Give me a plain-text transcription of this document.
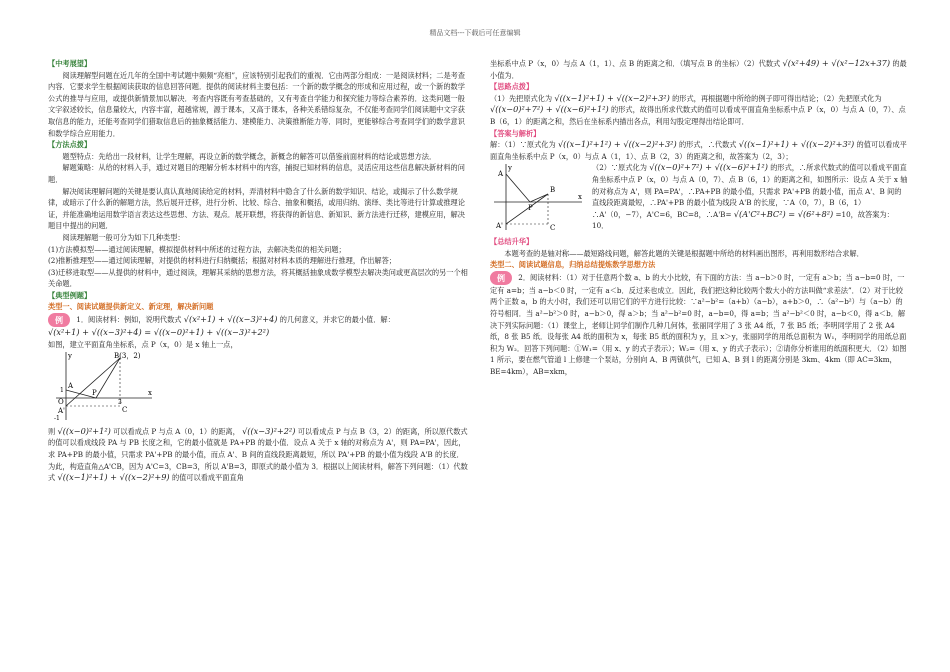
精品文档---下载后可任意编辑

【中考展望】

阅读理解型问题在近几年的全国中考试题中频频“亮相”，应该特别引起我们的重视．它由两部分组成：一是阅读材料；二是考查内容．它要求学生根据阅读获取的信息回答问题．提供的阅读材料主要包括：一个新的数学概念的形成和应用过程，或一个新的数学公式的推导与应用，或提供新情景加以解决．考查内容既有考查基础的，又有考查自学能力和探究能力等综合素养的．这类问题一般文字叙述较长，信息量较大，内容丰富，超越常规，源于课本，又高于课本，各种关系错综复杂，不仅能考查同学们阅读题中文字获取信息的能力，还能考查同学们猎取信息后的抽象概括能力、建模能力、决策推断能力等．同时，更能够综合考查同学们的数学意识和数学综合应用能力．

【方法点拨】

题型特点：先给出一段材料，让学生理解，再设立新的数学概念，新概念的解答可以借鉴前面材料的结论或思想方法．

解题策略：从给的材料入手，通过对题目的理解分析本材料中的内容，捕捉已知材料的信息，灵活应用这些信息解决新材料的问题．

解决阅读理解问题的关键是要认真认真地阅读给定的材料，弄清材料中隐含了什么新的数学知识、结论，或揭示了什么数学规律，或暗示了什么新的解题方法，然后展开迁移，进行分析、比较、综合、抽象和概括，或用归纳、演绎、类比等进行计算或推理论证，并能准确地运用数学语言表达这些思想、方法、观点．展开联想，将获得的新信息、新知识、新方法进行迁移，建模应用，解决题目中提出的问题．

阅读理解题一般可分为如下几种类型：

(1)方法模拟型——通过阅读理解，模拟提供材料中所述的过程方法，去解决类似的相关问题；

(2)推断推理型——通过阅读理解，对提供的材料进行归纳概括；根据对材料本质的理解进行推理，作出解答；

(3)迁移进取型——从提供的材料中，通过阅读，理解其采纳的思想方法，将其概括抽象成数学模型去解决类问或更高层次的另一个相关命题．

【典型例题】

类型一、阅读试题提供新定义、新定理，解决新问题

例 1．阅读材料：例如，说明代数式 √(x²+1) + √((x−3)²+4) 的几何意义，并求它的最小值．解：

√(x²+1) + √((x−3)²+4) = √((x−0)²+1) + √((x−3)²+2²)

如图，建立平面直角坐标系，点 P（x，0）是 x 轴上一点，

y
x
O
A
B(3，2)
P
C
A'
1
3
-1

则 √((x−0)²+1²) 可以看成点 P 与点 A（0，1）的距离， √((x−3)²+2²) 可以看成点 P 与点 B（3，2）的距离，所以原代数式的值可以看成线段 PA 与 PB 长度之和，它的最小值就是 PA+PB 的最小值．设点 A 关于 x 轴的对称点为 A'，则 PA=PA'，因此，求 PA+PB 的最小值，只需求 PA'+PB 的最小值，而点 A'、B 间的直线段距离最短，所以 PA'+PB 的最小值为线段 A'B 的长度．为此，构造直角△A'CB，因为 A'C=3，CB=3，所以 A'B=3，即原式的最小值为 3．根据以上阅读材料，解答下列问题：（1）代数式 √((x−1)²+1) + √((x−2)²+9) 的值可以看成平面直角

坐标系中点 P（x，0）与点 A（1，1）、点 B 的距离之和．（填写点 B 的坐标）（2）代数式 √(x²+49) + √(x²−12x+37) 的最小值为．

【思路点拨】

（1）先把原式化为 √((x−1)²+1) + √((x−2)²+3²) 的形式，再根据题中所给的例子即可得出结论；（2）先把原式化为 √((x−0)²+7²) + √((x−6)²+1²) 的形式，故得出所求代数式的值可以看成平面直角坐标系中点 P（x，0）与点 A（0，7）、点 B（6，1）的距离之和，然后在坐标系内描出各点，利用勾股定理得出结论即可．

【答案与解析】

解：（1）∵原式化为 √((x−1)²+1²) + √((x−2)²+3²) 的形式，∴代数式 √((x−1)²+1) + √((x−2)²+3²) 的值可以看成平面直角坐标系中点 P（x，0）与点 A（1，1）、点 B（2，3）的距离之和，故答案为（2，3）；

y
x
A
B
P
C
A'

（2）∵原式化为 √((x−0)²+7²) + √((x−6)²+1²) 的形式，∴所求代数式的值可以看成平面直角坐标系中点 P（x，0）与点 A（0，7）、点 B（6，1）的距离之和，如图所示：设点 A 关于 x 轴的对称点为 A'，则 PA=PA'，∴PA+PB 的最小值，只需求 PA'+PB 的最小值，而点 A'、B 间的直线段距离最短，∴PA'+PB 的最小值为线段 A'B 的长度，∵A（0，7），B（6，1）∴A'（0，−7），A'C=6，BC=8，∴A'B= √(A'C²+BC²) = √(6²+8²) =10，故答案为：10．

【总结升华】

本题考查的是轴对称——最短路线问题，解答此题的关键是根据题中所给的材料画出图形，再利用数形结合求解．

类型二、阅读试题信息，归纳总结提炼数学思想方法

例 2．阅读材料：（1）对于任意两个数 a、b 的大小比较，有下面的方法：当 a−b＞0 时，一定有 a＞b；当 a−b=0 时，一定有 a=b；当 a−b＜0 时，一定有 a＜b．反过来也成立．因此，我们把这种比较两个数大小的方法叫做“求差法”．（2）对于比较两个正数 a，b 的大小时，我们还可以用它们的平方进行比较：∵a²−b²=（a+b）（a−b），a+b＞0，∴（a²−b²）与（a−b）的符号相同．当 a²−b²＞0 时，a−b＞0，得 a＞b；当 a²−b²=0 时，a−b=0，得 a=b；当 a²−b²＜0 时，a−b＜0，得 a＜b．解决下列实际问题：（1）课堂上，老师让同学们制作几种几何体，张丽同学用了 3 张 A4 纸，7 张 B5 纸；李明同学用了 2 张 A4 纸，8 张 B5 纸．设每张 A4 纸的面积为 x，每张 B5 纸的面积为 y，且 x＞y，张丽同学的用纸总面积为 W₁，李明同学的用纸总面积为 W₂．回答下列问题：①W₁=（用 x、y 的式子表示）；W₂=（用 x、y 的式子表示）；②请你分析谁用的纸面积更大．（2）如图 1 所示，要在燃气管道 l 上修建一个泵站，分别向 A、B 两镇供气，已知 A、B 到 l 的距离分别是 3km、4km（即 AC=3km，BE=4km），AB=xkm，
